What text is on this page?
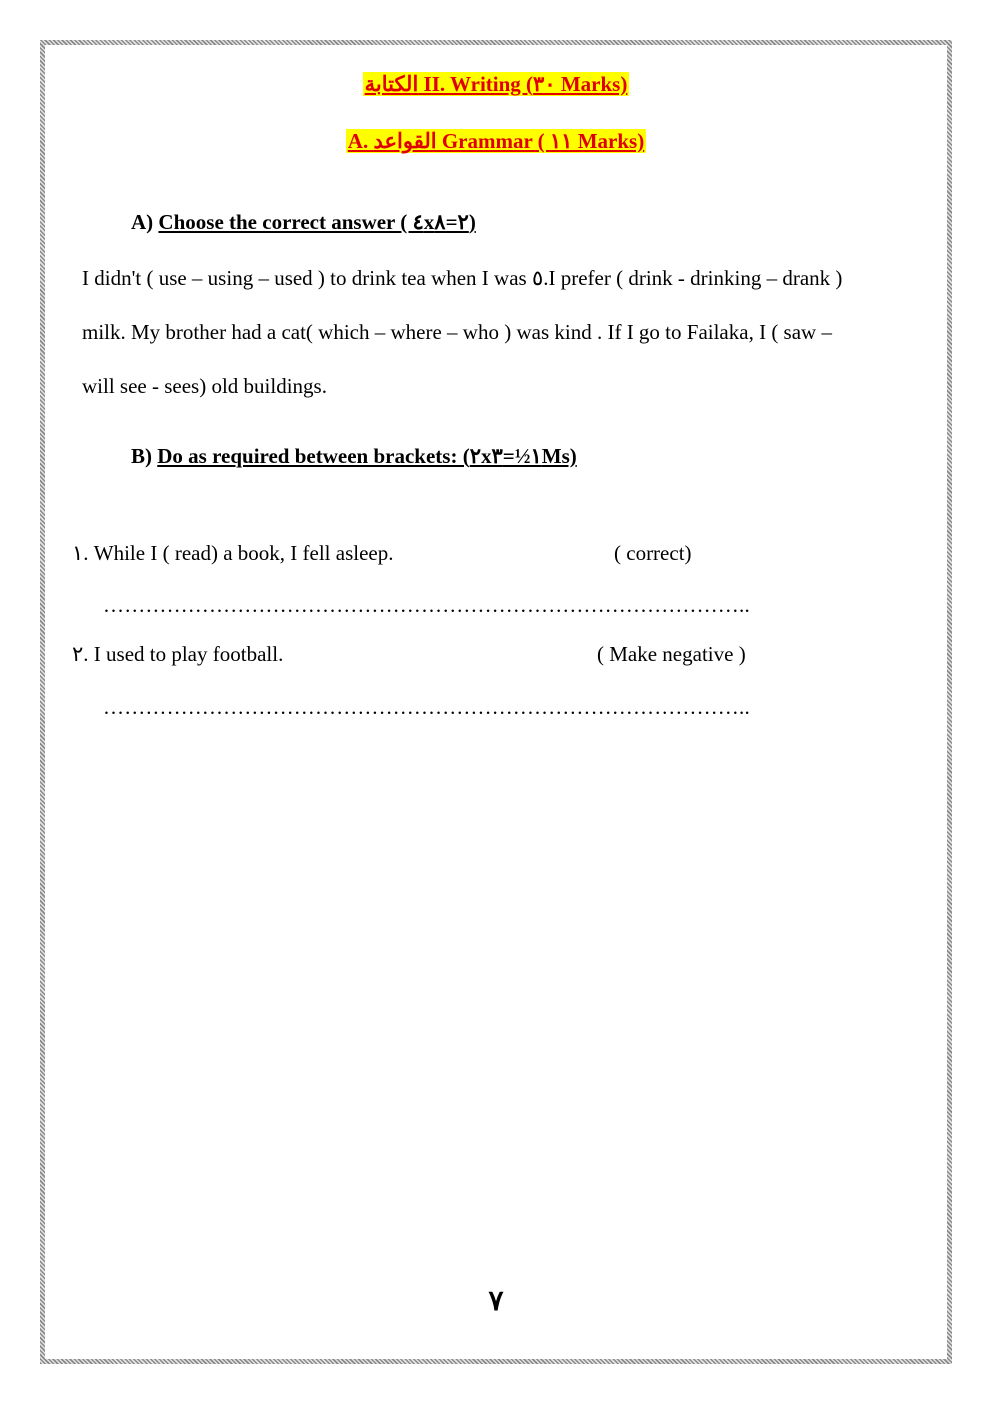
الكتابة II. Writing (٣٠ Marks)
A. القواعد Grammar ( ١١ Marks)
A) Choose the correct answer ( ٤x٢=٨)
I didn't ( use – using – used ) to drink tea when I was ٥.I prefer ( drink - drinking – drank )
milk. My brother had a cat( which – where – who ) was kind . If I go to Failaka, I ( saw –
will see - sees) old buildings.
B) Do as required between brackets: (٢x١½=٣Ms)
١. While I ( read) a book, I fell asleep.	( correct)
………………………………………………………………………………..
٢. I used to play football.	( Make negative )
………………………………………………………………………………..
٧
